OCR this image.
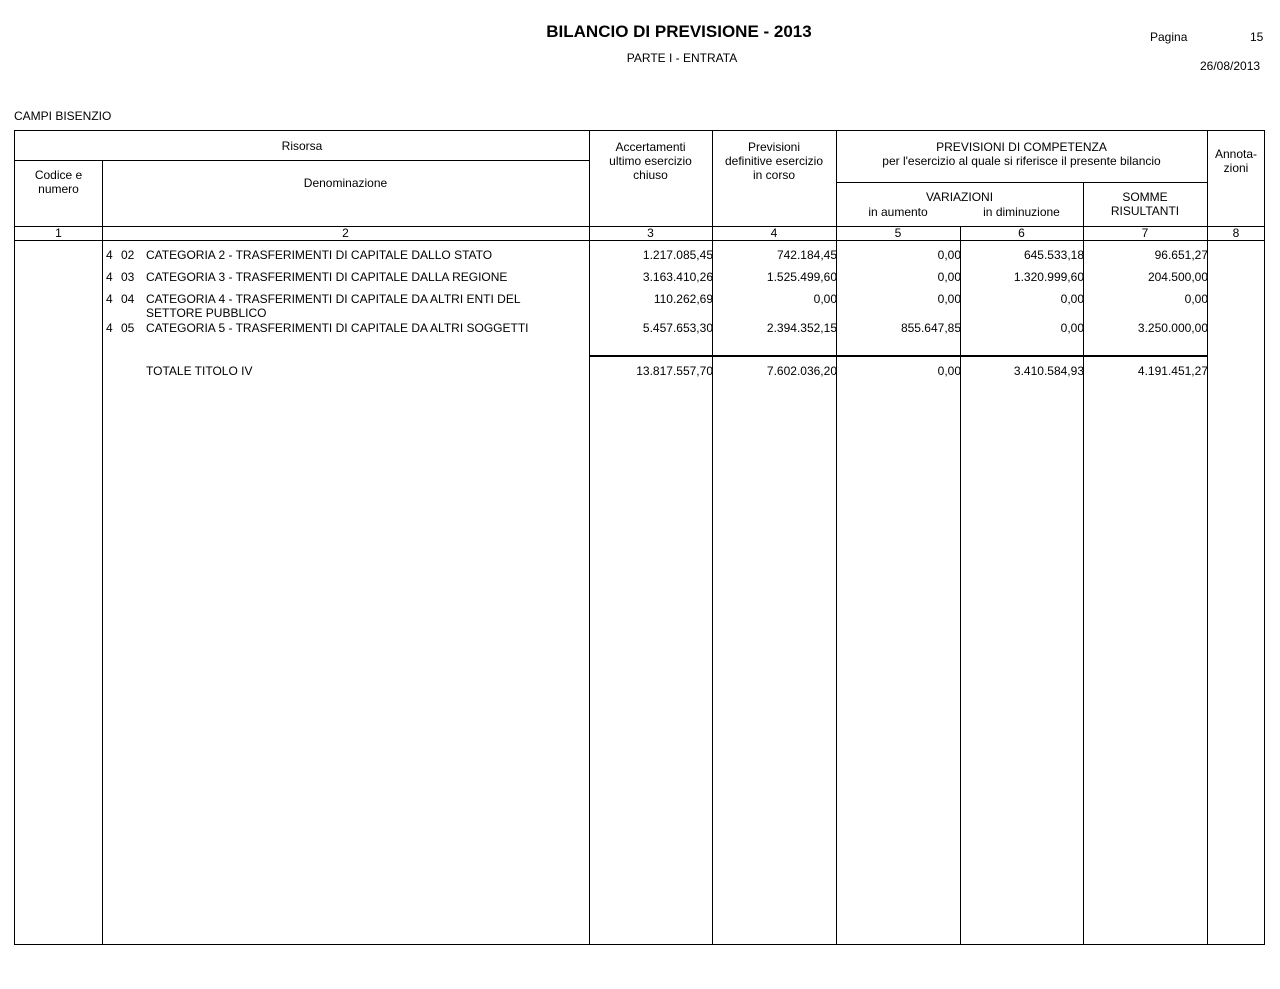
BILANCIO DI PREVISIONE - 2013
PARTE I - ENTRATA
Pagina	15
26/08/2013
CAMPI BISENZIO
Risorsa
Codice e
numero	Denominazione
Accertamenti
ultimo esercizio
chiuso
Previsioni
definitive esercizio
in corso
PREVISIONI DI COMPETENZA
per l'esercizio al quale si riferisce il presente bilancio
VARIAZIONI
in aumento	in diminuzione
SOMME
RISULTANTI
Annota-
zioni
1	2	3	4	5	6	7	8
4 02 CATEGORIA 2 - TRASFERIMENTI DI CAPITALE DALLO STATO	1.217.085,45	742.184,45	0,00	645.533,18	96.651,27
4 03 CATEGORIA 3 - TRASFERIMENTI DI CAPITALE DALLA REGIONE	3.163.410,26	1.525.499,60	0,00	1.320.999,60	204.500,00
4 04 CATEGORIA 4 - TRASFERIMENTI DI CAPITALE DA ALTRI ENTI DEL
SETTORE PUBBLICO
110.262,69	0,00	0,00	0,00	0,00
4 05 CATEGORIA 5 - TRASFERIMENTI DI CAPITALE DA ALTRI SOGGETTI	5.457.653,30	2.394.352,15	855.647,85	0,00	3.250.000,00
TOTALE TITOLO IV	13.817.557,70	7.602.036,20	0,00	3.410.584,93	4.191.451,27
